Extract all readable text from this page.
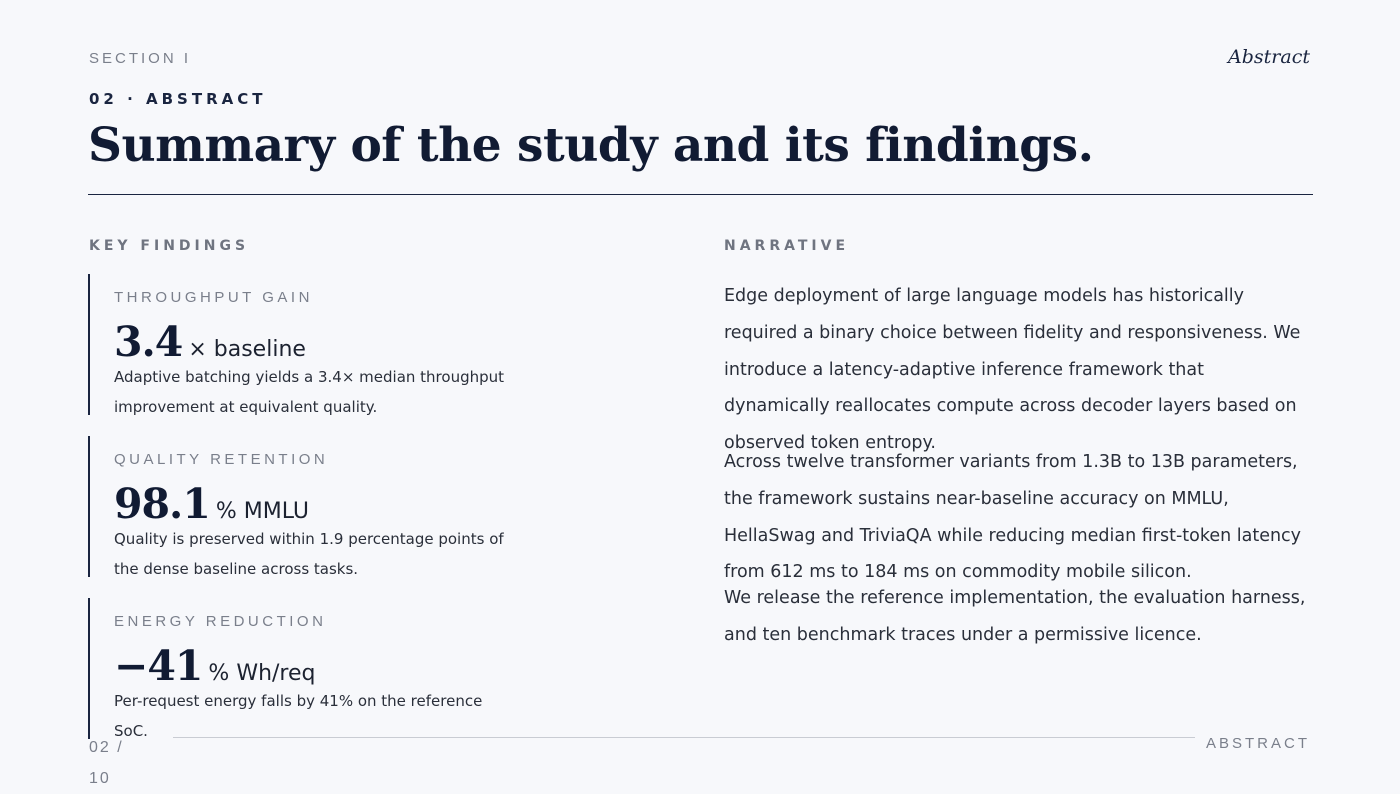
SECTION I	Abstract
02 · ABSTRACT
Summary of the study and its findings.
KEY FINDINGS
THROUGHPUT GAIN
3.4 × baseline
Adaptive batching yields a 3.4× median throughput improvement at equivalent quality.
QUALITY RETENTION
98.1 % MMLU
Quality is preserved within 1.9 percentage points of the dense baseline across tasks.
ENERGY REDUCTION
−41 % Wh/req
Per-request energy falls by 41% on the reference SoC.
NARRATIVE
Edge deployment of large language models has historically required a binary choice between fidelity and responsiveness. We introduce a latency-adaptive inference framework that dynamically reallocates compute across decoder layers based on observed token entropy.
Across twelve transformer variants from 1.3B to 13B parameters, the framework sustains near-baseline accuracy on MMLU, HellaSwag and TriviaQA while reducing median first-token latency from 612 ms to 184 ms on commodity mobile silicon.
We release the reference implementation, the evaluation harness, and ten benchmark traces under a permissive licence.
02 / 10
ABSTRACT
